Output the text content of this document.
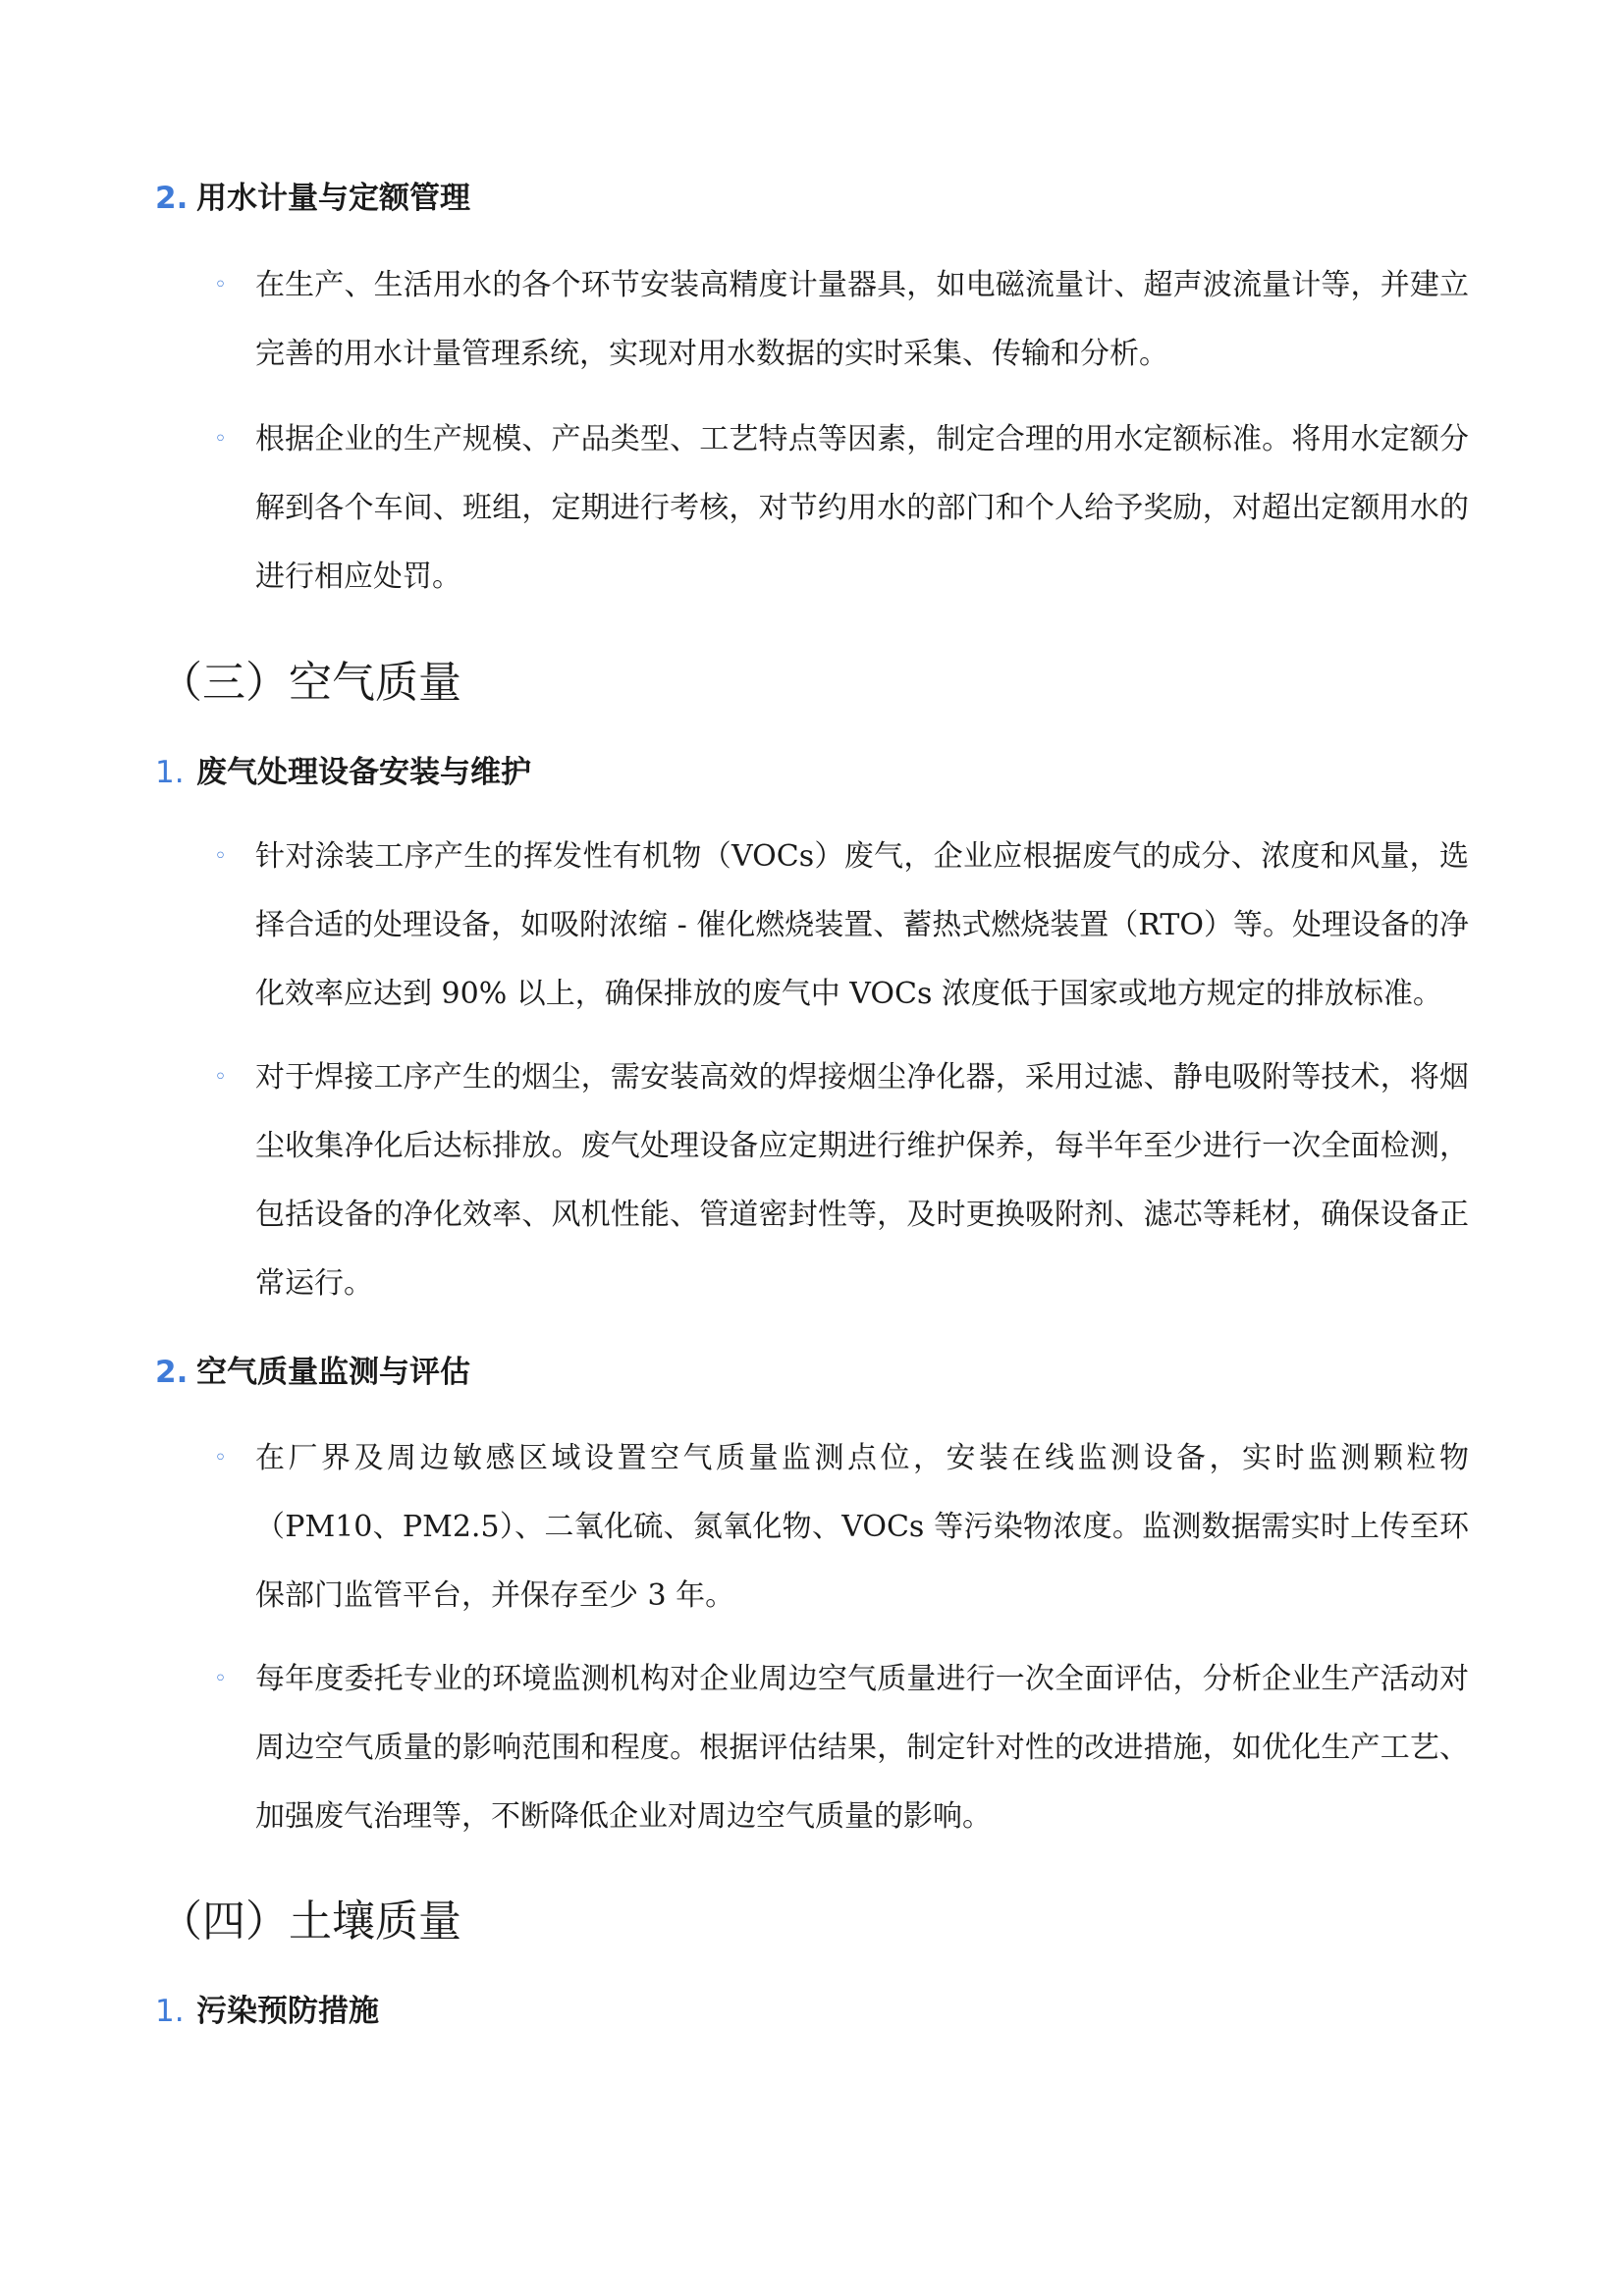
2. 用水计量与定额管理
◦ 在生产、生活用水的各个环节安装高精度计量器具，如电磁流量计、超声波流量计等，并建立完善的用水计量管理系统，实现对用水数据的实时采集、传输和分析。
◦ 根据企业的生产规模、产品类型、工艺特点等因素，制定合理的用水定额标准。将用水定额分解到各个车间、班组，定期进行考核，对节约用水的部门和个人给予奖励，对超出定额用水的进行相应处罚。
（三）空气质量
1. 废气处理设备安装与维护
◦ 针对涂装工序产生的挥发性有机物（VOCs）废气，企业应根据废气的成分、浓度和风量，选择合适的处理设备，如吸附浓缩 - 催化燃烧装置、蓄热式燃烧装置（RTO）等。处理设备的净化效率应达到 90% 以上，确保排放的废气中 VOCs 浓度低于国家或地方规定的排放标准。
◦ 对于焊接工序产生的烟尘，需安装高效的焊接烟尘净化器，采用过滤、静电吸附等技术，将烟尘收集净化后达标排放。废气处理设备应定期进行维护保养，每半年至少进行一次全面检测，包括设备的净化效率、风机性能、管道密封性等，及时更换吸附剂、滤芯等耗材，确保设备正常运行。
2. 空气质量监测与评估
◦ 在厂界及周边敏感区域设置空气质量监测点位，安装在线监测设备，实时监测颗粒物（PM10、PM2.5）、二氧化硫、氮氧化物、VOCs 等污染物浓度。监测数据需实时上传至环保部门监管平台，并保存至少 3 年。
◦ 每年度委托专业的环境监测机构对企业周边空气质量进行一次全面评估，分析企业生产活动对周边空气质量的影响范围和程度。根据评估结果，制定针对性的改进措施，如优化生产工艺、加强废气治理等，不断降低企业对周边空气质量的影响。
（四）土壤质量
1. 污染预防措施
